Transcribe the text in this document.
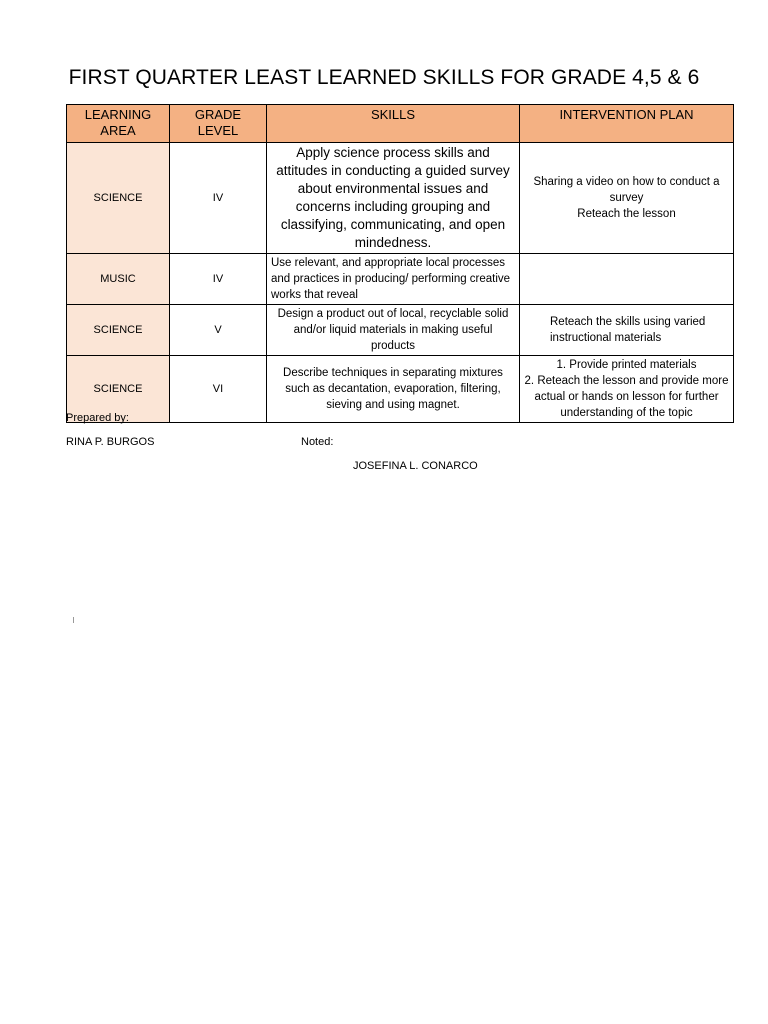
FIRST QUARTER LEAST LEARNED SKILLS FOR GRADE 4,5 & 6
LEARNING AREA	GRADE LEVEL	SKILLS	INTERVENTION PLAN
SCIENCE	IV	Apply science process skills and attitudes in conducting a guided survey about environmental issues and concerns including grouping and classifying, communicating, and open mindedness.	Sharing a video on how to conduct a survey
Reteach the lesson

MUSIC	IV	Use relevant, and appropriate local processes and practices in producing/ performing creative works that reveal	
SCIENCE	V	Design a product out of local, recyclable solid and/or liquid materials in making useful products	Reteach the skills using varied instructional materials

SCIENCE	VI	Describe techniques in separating mixtures such as decantation, evaporation, filtering, sieving and using magnet.	1. Provide printed materials
2. Reteach the lesson and provide more actual or hands on lesson for further understanding of the topic
Prepared by:
RINA P. BURGOS	Noted:
JOSEFINA L. CONARCO
